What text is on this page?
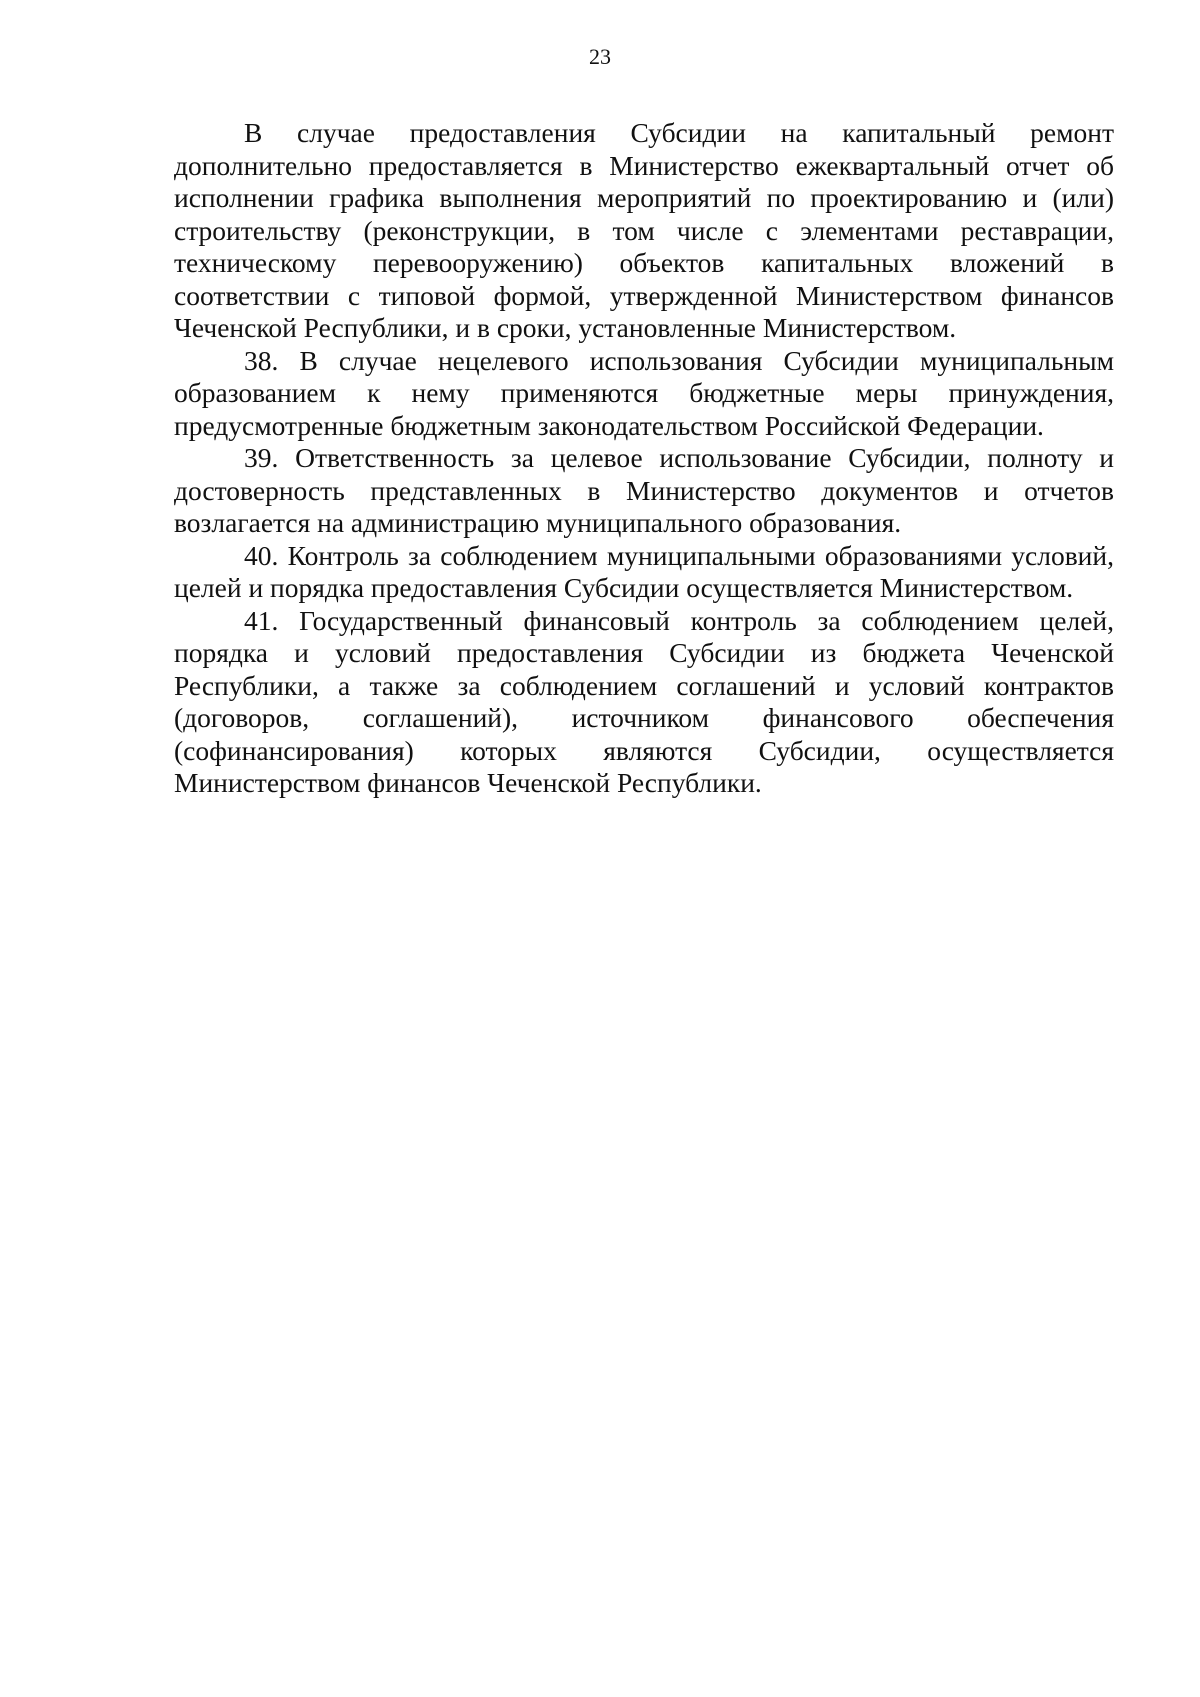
23

В случае предоставления Субсидии на капитальный ремонт дополнительно предоставляется в Министерство ежеквартальный отчет об исполнении графика выполнения мероприятий по проектированию и (или) строительству (реконструкции, в том числе с элементами реставрации, техническому перевооружению) объектов капитальных вложений в соответствии с типовой формой, утвержденной Министерством финансов Чеченской Республики, и в сроки, установленные Министерством.

38. В случае нецелевого использования Субсидии муниципальным образованием к нему применяются бюджетные меры принуждения, предусмотренные бюджетным законодательством Российской Федерации.

39. Ответственность за целевое использование Субсидии, полноту и достоверность представленных в Министерство документов и отчетов возлагается на администрацию муниципального образования.

40. Контроль за соблюдением муниципальными образованиями условий, целей и порядка предоставления Субсидии осуществляется Министерством.

41. Государственный финансовый контроль за соблюдением целей, порядка и условий предоставления Субсидии из бюджета Чеченской Республики, а также за соблюдением соглашений и условий контрактов (договоров, соглашений), источником финансового обеспечения (софинансирования) которых являются Субсидии, осуществляется Министерством финансов Чеченской Республики.
